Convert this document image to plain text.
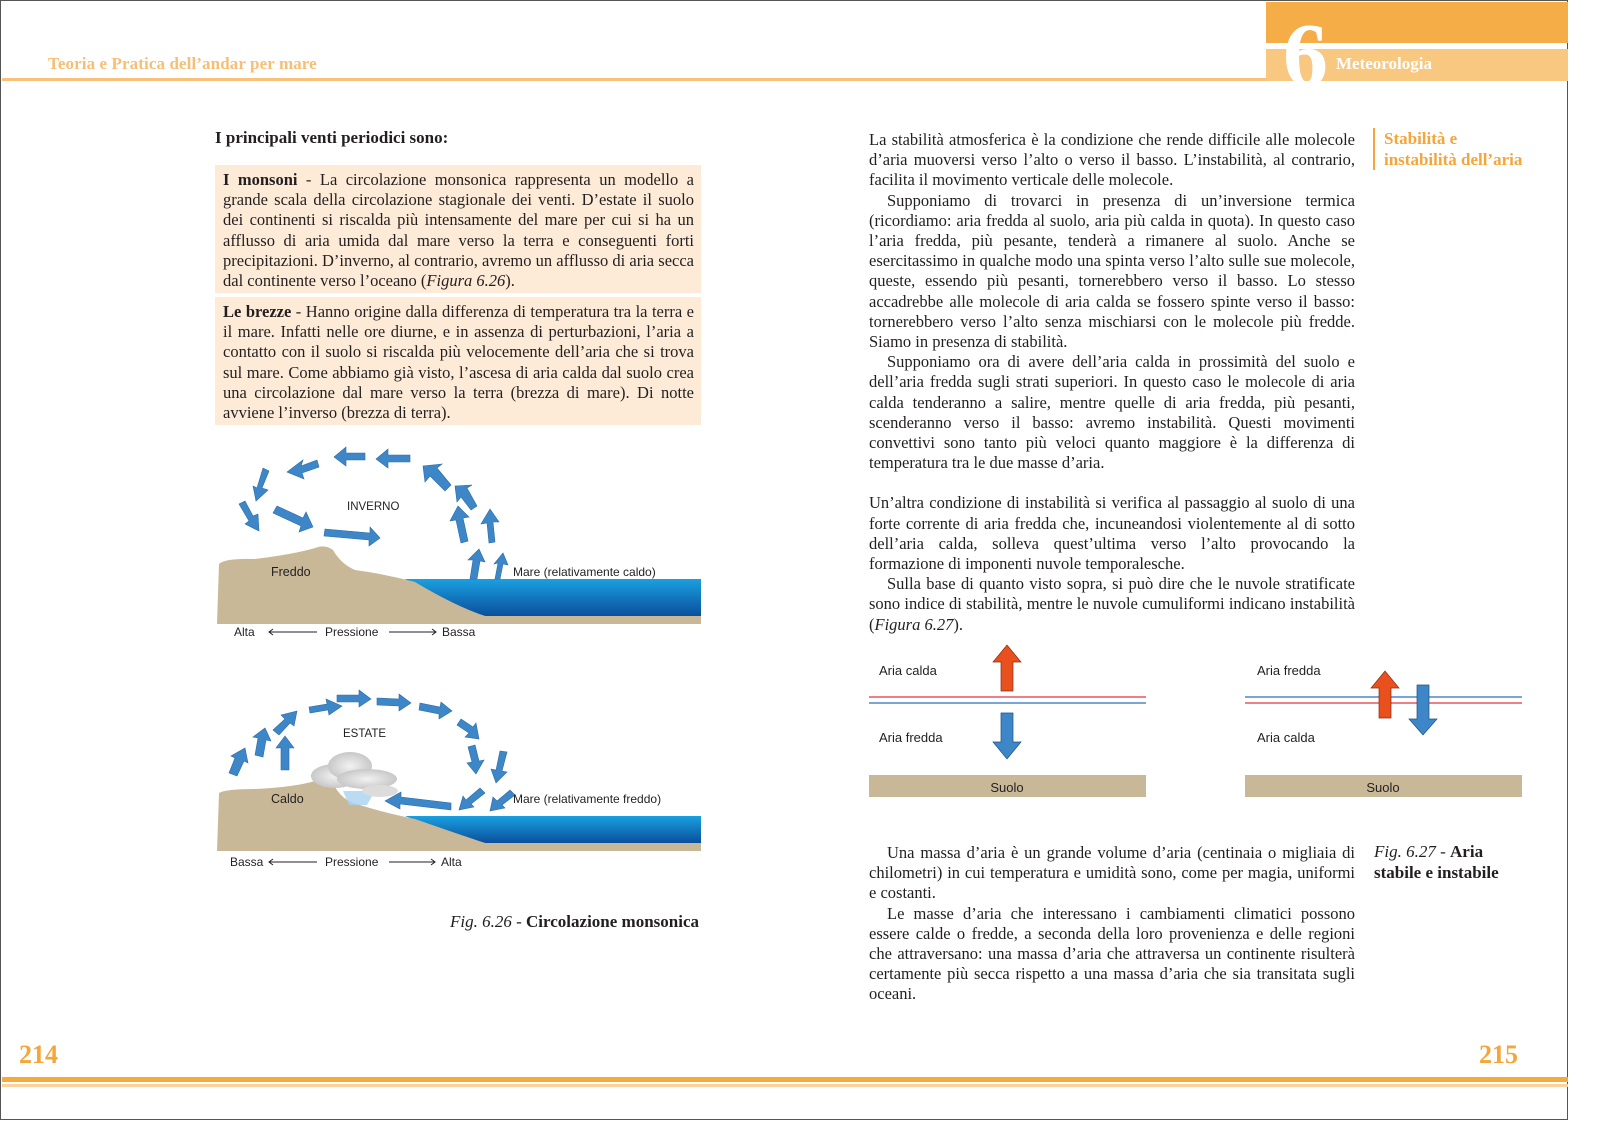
Teoria e Pratica dell’andar per mare	6 Meteorologia
I principali venti periodici sono:
I monsoni - La circolazione monsonica rappresenta un modello a grande scala della circolazione stagionale dei venti. D’estate il suolo dei continenti si riscalda più intensamente del mare per cui si ha un afflusso di aria umida dal mare verso la terra e conseguenti forti precipitazioni. D’inverno, al contrario, avremo un afflusso di aria secca dal continente verso l’oceano (Figura 6.26).
Le brezze - Hanno origine dalla differenza di temperatura tra la terra e il mare. Infatti nelle ore diurne, e in assenza di perturbazioni, l’aria a contatto con il suolo si riscalda più velocemente dell’aria che si trova sul mare. Come abbiamo già visto, l’ascesa di aria calda dal suolo crea una circolazione dal mare verso la terra (brezza di mare). Di notte avviene l’inverso (brezza di terra).
INVERNO
Freddo	Mare (relativamente caldo)
Alta	Pressione	Bassa
ESTATE
Caldo	Mare (relativamente freddo)
Bassa	Pressione	Alta
Fig. 6.26 - Circolazione monsonica
Stabilità e
instabilità dell’aria

La stabilità atmosferica è la condizione che rende difficile alle molecole d’aria muoversi verso l’alto o verso il basso. L’instabilità, al contrario, facilita il movimento verticale delle molecole.

Supponiamo di trovarci in presenza di un’inversione termica (ricordiamo: aria fredda al suolo, aria più calda in quota). In questo caso l’aria fredda, più pesante, tenderà a rimanere al suolo. Anche se esercitassimo in qualche modo una spinta verso l’alto sulle sue molecole, queste, essendo più pesanti, tornerebbero verso il basso. Lo stesso accadrebbe alle molecole di aria calda se fossero spinte verso il basso: tornerebbero verso l’alto senza mischiarsi con le molecole più fredde. Siamo in presenza di stabilità.

Supponiamo ora di avere dell’aria calda in prossimità del suolo e dell’aria fredda sugli strati superiori. In questo caso le molecole di aria calda tenderanno a salire, mentre quelle di aria fredda, più pesanti, scenderanno verso il basso: avremo instabilità. Questi movimenti convettivi sono tanto più veloci quanto maggiore è la differenza di temperatura tra le due masse d’aria.

Un’altra condizione di instabilità si verifica al passaggio al suolo di una forte corrente di aria fredda che, incuneandosi violentemente al di sotto dell’aria calda, solleva quest’ultima verso l’alto provocando la formazione di imponenti nuvole temporalesche.

Sulla base di quanto visto sopra, si può dire che le nuvole stratificate sono indice di stabilità, mentre le nuvole cumuliformi indicano instabilità (Figura 6.27).

Aria calda
Aria fredda
Suolo
Aria fredda
Aria calda
Suolo

Una massa d’aria è un grande volume d’aria (centinaia o migliaia di chilometri) in cui temperatura e umidità sono, come per magia, uniformi e costanti.

Le masse d’aria che interessano i cambiamenti climatici possono essere calde o fredde, a seconda della loro provenienza e delle regioni che attraversano: una massa d’aria che attraversa un continente risulterà certamente più secca rispetto a una massa d’aria che sia transitata sugli oceani.

Fig. 6.27 - Aria
stabile e instabile
214	215
